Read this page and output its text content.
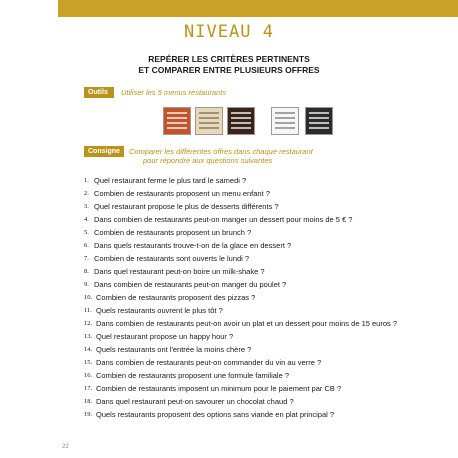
NIVEAU 4
REPÉRER LES CRITÈRES PERTINENTS
ET COMPARER ENTRE PLUSIEURS OFFRES
Outils	Utiliser les 5 menus restaurants
Consigne	Comparer les différentes offres dans chaque restaurant
pour répondre aux questions suivantes
1. Quel restaurant ferme le plus tard le samedi ?
2. Combien de restaurants proposent un menu enfant ?
3. Quel restaurant propose le plus de desserts différents ?
4. Dans combien de restaurants peut-on manger un dessert pour moins de 5 € ?
5. Combien de restaurants proposent un brunch ?
6. Dans quels restaurants trouve-t-on de la glace en dessert ?
7. Combien de restaurants sont ouverts le lundi ?
8. Dans quel restaurant peut-on boire un milk-shake ?
9. Dans combien de restaurants peut-on manger du poulet ?
10. Combien de restaurants proposent des pizzas ?
11. Quels restaurants ouvrent le plus tôt ?
12. Dans combien de restaurants peut-on avoir un plat et un dessert pour moins de 15 euros ?
13. Quel restaurant propose un happy hour ?
14. Quels restaurants ont l'entrée la moins chère ?
15. Dans combien de restaurants peut-on commander du vin au verre ?
16. Combien de restaurants proposent une formule familiale ?
17. Combien de restaurants imposent un minimum pour le paiement par CB ?
18. Dans quel restaurant peut-on savourer un chocolat chaud ?
19. Quels restaurants proposent des options sans viande en plat principal ?
22
